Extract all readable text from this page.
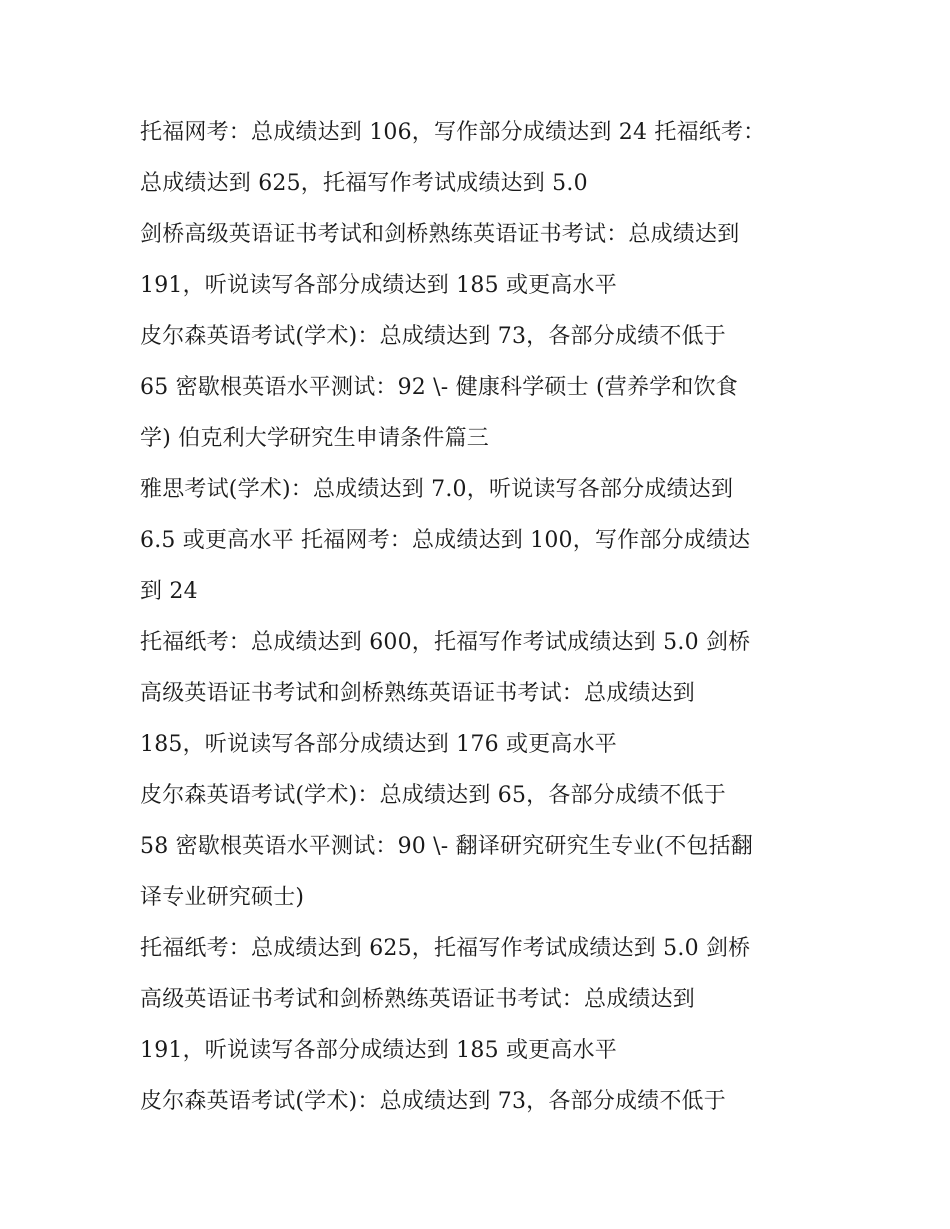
托福网考：总成绩达到 106，写作部分成绩达到 24 托福纸考：
总成绩达到 625，托福写作考试成绩达到 5.0
剑桥高级英语证书考试和剑桥熟练英语证书考试：总成绩达到
191，听说读写各部分成绩达到 185 或更高水平
皮尔森英语考试(学术)：总成绩达到 73，各部分成绩不低于
65 密歇根英语水平测试：92 \- 健康科学硕士 (营养学和饮食
学) 伯克利大学研究生申请条件篇三
雅思考试(学术)：总成绩达到 7.0，听说读写各部分成绩达到
6.5 或更高水平 托福网考：总成绩达到 100，写作部分成绩达
到 24
托福纸考：总成绩达到 600，托福写作考试成绩达到 5.0 剑桥
高级英语证书考试和剑桥熟练英语证书考试：总成绩达到
185，听说读写各部分成绩达到 176 或更高水平
皮尔森英语考试(学术)：总成绩达到 65，各部分成绩不低于
58 密歇根英语水平测试：90 \- 翻译研究研究生专业(不包括翻
译专业研究硕士)
托福纸考：总成绩达到 625，托福写作考试成绩达到 5.0 剑桥
高级英语证书考试和剑桥熟练英语证书考试：总成绩达到
191，听说读写各部分成绩达到 185 或更高水平
皮尔森英语考试(学术)：总成绩达到 73，各部分成绩不低于
